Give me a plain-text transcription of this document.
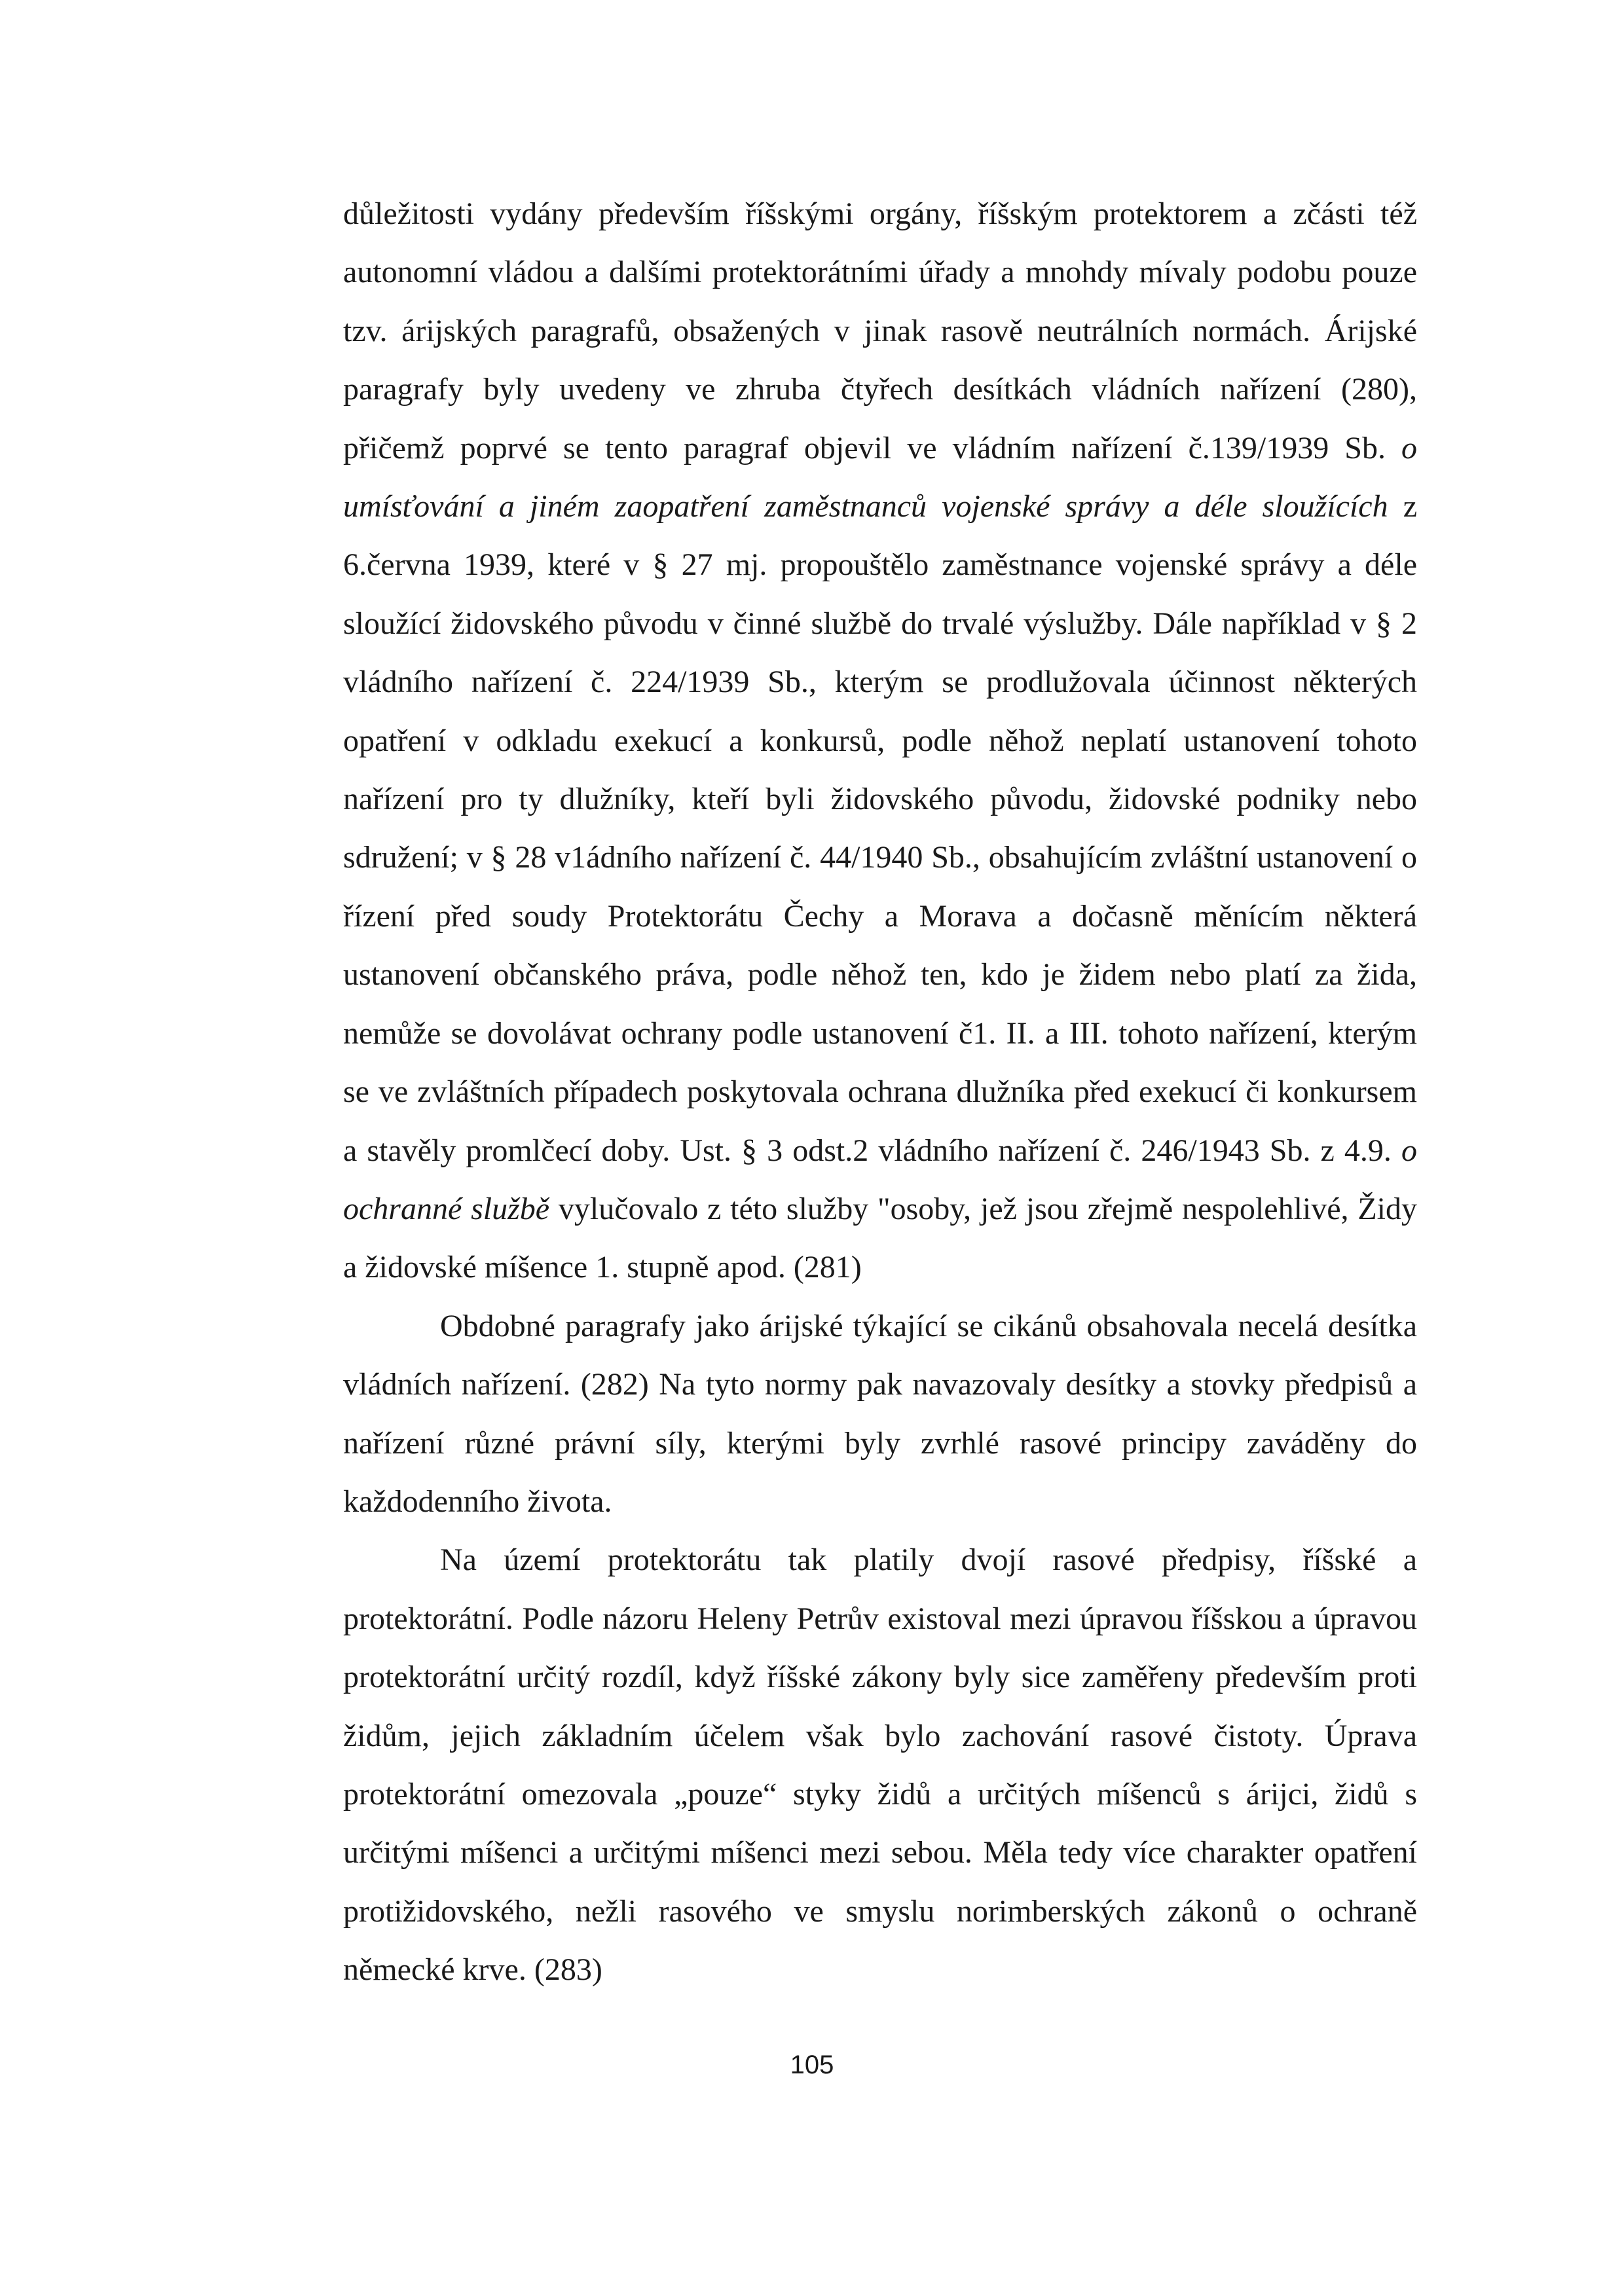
důležitosti vydány především říšskými orgány, říšským protektorem a zčásti též autonomní vládou a dalšími protektorátními úřady a mnohdy mívaly podobu pouze tzv. árijských paragrafů, obsažených v jinak rasově neutrálních normách. Árijské paragrafy byly uvedeny ve zhruba čtyřech desítkách vládních nařízení (280), přičemž poprvé se tento paragraf objevil ve vládním nařízení č.139/1939 Sb. o umísťování a jiném zaopatření zaměstnanců vojenské správy a déle sloužících z 6.června 1939, které v § 27 mj. propouštělo zaměstnance vojenské správy a déle sloužící židovského původu v činné službě do trvalé výslužby. Dále například v § 2 vládního nařízení č. 224/1939 Sb., kterým se prodlužovala účinnost některých opatření v odkladu exekucí a konkursů, podle něhož neplatí ustanovení tohoto nařízení pro ty dlužníky, kteří byli židovského původu, židovské podniky nebo sdružení; v § 28 v1ádního nařízení č. 44/1940 Sb., obsahujícím zvláštní ustanovení o řízení před soudy Protektorátu Čechy a Morava a dočasně měnícím některá ustanovení občanského práva, podle něhož ten, kdo je židem nebo platí za žida, nemůže se dovolávat ochrany podle ustanovení č1. II. a III. tohoto nařízení, kterým se ve zvláštních případech poskytovala ochrana dlužníka před exekucí či konkursem a stavěly promlčecí doby. Ust. § 3 odst.2 vládního nařízení č. 246/1943 Sb. z 4.9. o ochranné službě vylučovalo z této služby "osoby, jež jsou zřejmě nespolehlivé, Židy a židovské míšence 1. stupně apod. (281)

Obdobné paragrafy jako árijské týkající se cikánů obsahovala necelá desítka vládních nařízení. (282) Na tyto normy pak navazovaly desítky a stovky předpisů a nařízení různé právní síly, kterými byly zvrhlé rasové principy zaváděny do každodenního života.

Na území protektorátu tak platily dvojí rasové předpisy, říšské a protektorátní. Podle názoru Heleny Petrův existoval mezi úpravou říšskou a úpravou protektorátní určitý rozdíl, když říšské zákony byly sice zaměřeny především proti židům, jejich základním účelem však bylo zachování rasové čistoty. Úprava protektorátní omezovala „pouze“ styky židů a určitých míšenců s árijci, židů s určitými míšenci a určitými míšenci mezi sebou. Měla tedy více charakter opatření protižidovského, nežli rasového ve smyslu norimberských zákonů o ochraně německé krve. (283)

105
